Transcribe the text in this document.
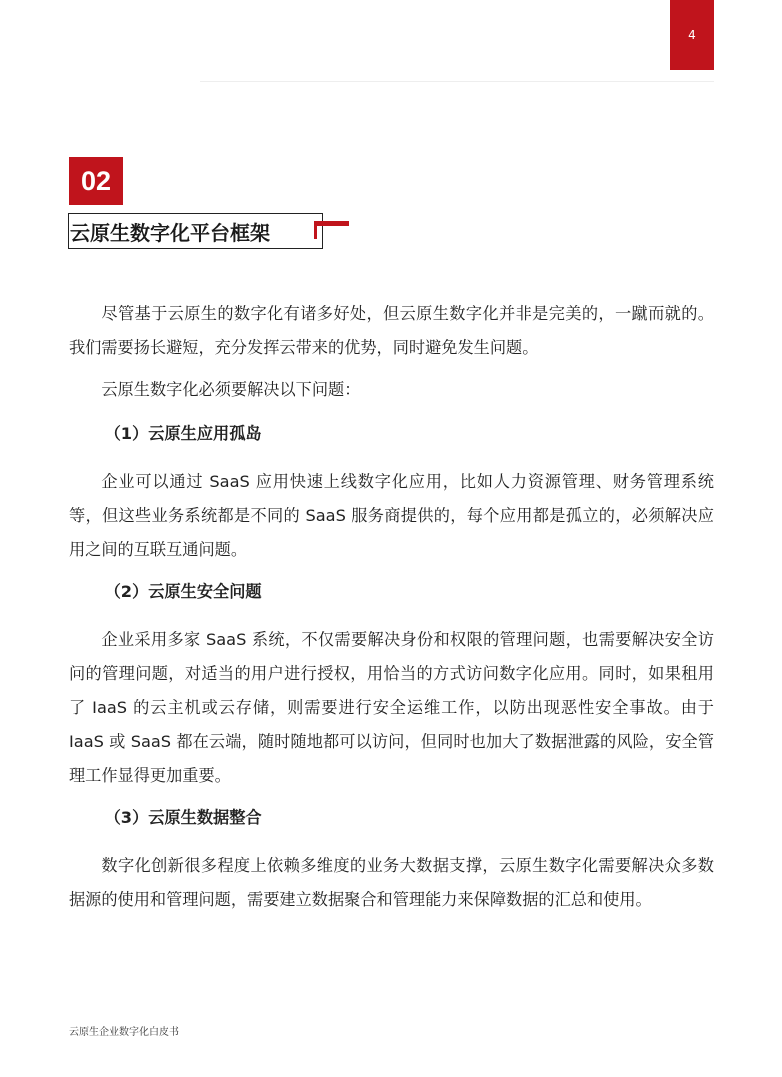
4
02
云原生数字化平台框架

尽管基于云原生的数字化有诸多好处，但云原生数字化并非是完美的，一蹴而就的。我们需要扬长避短，充分发挥云带来的优势，同时避免发生问题。

云原生数字化必须要解决以下问题：

（1）云原生应用孤岛

企业可以通过 SaaS 应用快速上线数字化应用，比如人力资源管理、财务管理系统等，但这些业务系统都是不同的 SaaS 服务商提供的，每个应用都是孤立的，必须解决应用之间的互联互通问题。

（2）云原生安全问题

企业采用多家 SaaS 系统，不仅需要解决身份和权限的管理问题，也需要解决安全访问的管理问题，对适当的用户进行授权，用恰当的方式访问数字化应用。同时，如果租用了 IaaS 的云主机或云存储，则需要进行安全运维工作，以防出现恶性安全事故。由于 IaaS 或 SaaS 都在云端，随时随地都可以访问，但同时也加大了数据泄露的风险，安全管理工作显得更加重要。

（3）云原生数据整合

数字化创新很多程度上依赖多维度的业务大数据支撑，云原生数字化需要解决众多数据源的使用和管理问题，需要建立数据聚合和管理能力来保障数据的汇总和使用。

云原生企业数字化白皮书
